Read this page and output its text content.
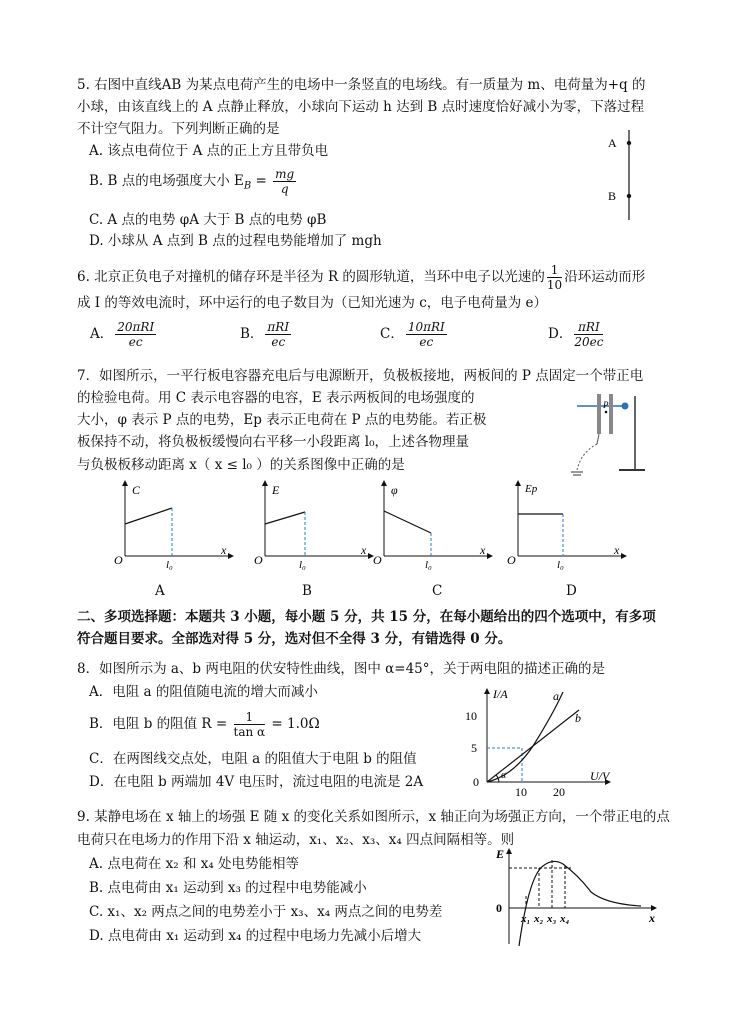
5. 右图中直线AB 为某点电荷产生的电场中一条竖直的电场线。有一质量为 m、电荷量为+q 的
小球，由该直线上的 A 点静止释放，小球向下运动 h 达到 B 点时速度恰好减小为零，下落过程
不计空气阻力。下列判断正确的是
A. 该点电荷位于 A 点的正上方且带负电
B. B 点的电场强度大小 $E_B = \frac{mg}{q}$
C. A 点的电势 φA 大于 B 点的电势 φB
D. 小球从 A 点到 B 点的过程电势能增加了 mgh
A
B
6. 北京正负电子对撞机的储存环是半径为 R 的圆形轨道，当环中电子以光速的 $\frac{1}{10}$ 沿环运动而形
成 I 的等效电流时，环中运行的电子数目为（已知光速为 c，电子电荷量为 e）
A． $\frac{\text{20πRI}}{ec}$	B． $\frac{\text{πRI}}{ec}$	C． $\frac{\text{10πRI}}{ec}$	D． $\frac{\text{πRI}}{20ec}$
7．如图所示，一平行板电容器充电后与电源断开，负极板接地，两板间的 P 点固定一个带正电
的检验电荷。用 C 表示电容器的电容，E 表示两板间的电场强度的
大小，φ 表示 P 点的电势，Ep 表示正电荷在 P 点的电势能。若正极
板保持不动，将负极板缓慢向右平移一小段距离 l₀，上述各物理量
与负极板移动距离 x（ x ≤ l₀ ）的关系图像中正确的是
P
C
O
x
l₀
E
O
x
l₀
φ
O
x
l₀
Ep
O
x
l₀
A	B	C	D
二、多项选择题：本题共 3 小题，每小题 5 分，共 15 分，在每小题给出的四个选项中，有多项
符合题目要求。全部选对得 5 分，选对但不全得 3 分，有错选得 0 分。
8．如图所示为 a、b 两电阻的伏安特性曲线，图中 α=45°，关于两电阻的描述正确的是
A．电阻 a 的阻值随电流的增大而减小
B．电阻 b 的阻值 $R = \frac{1}{\text{tan α}} = 1.0\Omega$
C．在两图线交点处，电阻 a 的阻值大于电阻 b 的阻值
D．在电阻 b 两端加 4V 电压时，流过电阻的电流是 2A
I/A
U/V
10
5
0
10 20
a
b
α
9. 某静电场在 x 轴上的场强 E 随 x 的变化关系如图所示，x 轴正向为场强正方向，一个带正电的点
电荷只在电场力的作用下沿 x 轴运动，x₁、x₂、x₃、x₄ 四点间隔相等。则
A. 点电荷在 x₂ 和 x₄ 处电势能相等
B. 点电荷由 x₁ 运动到 x₃ 的过程中电势能减小
C. x₁、x₂ 两点之间的电势差小于 x₃、x₄ 两点之间的电势差
D. 点电荷由 x₁ 运动到 x₄ 的过程中电场力先减小后增大
E
0
x
x₁ x₂ x₃ x₄
